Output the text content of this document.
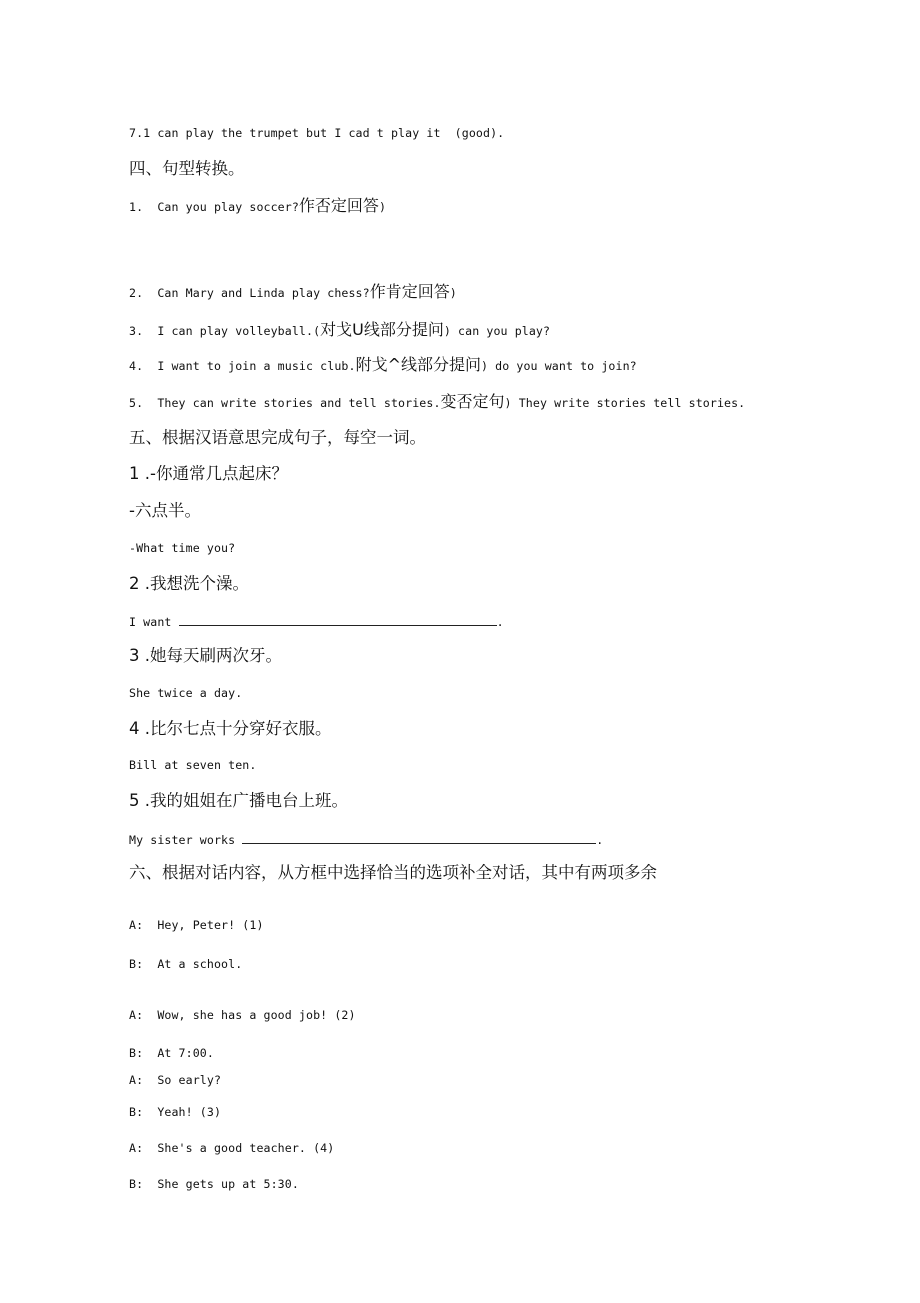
7.1 can play the trumpet but I cad t play it  (good).
四、句型转换。
1.  Can you play soccer?作否定回答)
2.  Can Mary and Linda play chess?作肯定回答)
3.  I can play volleyball.(对戈U线部分提问) can you play?
4.  I want to join a music club.附戈^线部分提问) do you want to join?
5.  They can write stories and tell stories.变否定句) They write stories tell stories.
五、根据汉语意思完成句子，每空一词。
1 .-你通常几点起床？
-六点半。
-What time you?
2 .我想洗个澡。
I want	.
3 .她每天刷两次牙。
She twice a day.
4 .比尔七点十分穿好衣服。
Bill at seven ten.
5 .我的姐姐在广播电台上班。
My sister works	.
六、根据对话内容，从方框中选择恰当的选项补全对话，其中有两项多余
A:  Hey, Peter! (1)
B:  At a school.
A:  Wow, she has a good job! (2)
B:  At 7:00.
A:  So early?
B:  Yeah! (3)
A:  She's a good teacher. (4)
B:  She gets up at 5:30.
